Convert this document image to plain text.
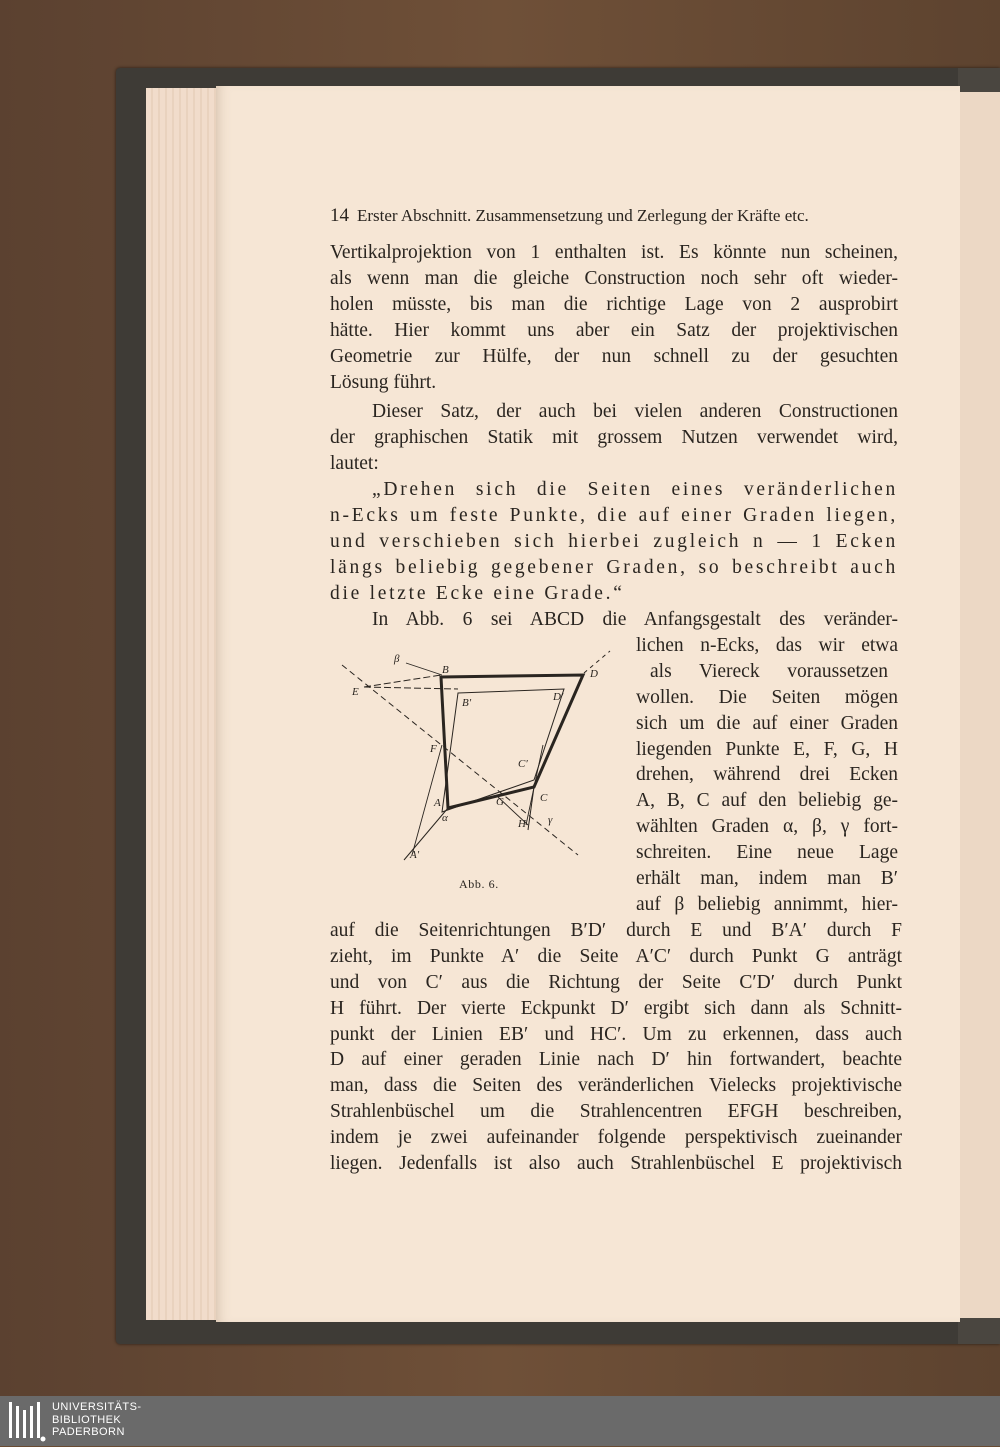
14 Erster Abschnitt. Zusammensetzung und Zerlegung der Kräfte etc.
Vertikalprojektion von 1 enthalten ist. Es könnte nun scheinen,
als wenn man die gleiche Construction noch sehr oft wieder-
holen müsste, bis man die richtige Lage von 2 ausprobirt
hätte. Hier kommt uns aber ein Satz der projektivischen
Geometrie zur Hülfe, der nun schnell zu der gesuchten
Lösung führt.
Dieser Satz, der auch bei vielen anderen Constructionen
der graphischen Statik mit grossem Nutzen verwendet wird,
lautet:
„Drehen sich die Seiten eines veränderlichen
n-Ecks um feste Punkte, die auf einer Graden liegen,
und verschieben sich hierbei zugleich n — 1 Ecken
längs beliebig gegebener Graden, so beschreibt auch
die letzte Ecke eine Grade.“
In Abb. 6 sei ABCD die Anfangsgestalt des veränder-
lichen n-Ecks, das wir etwa
als Viereck voraussetzen
wollen. Die Seiten mögen
sich um die auf einer Graden
liegenden Punkte E, F, G, H
drehen, während drei Ecken
A, B, C auf den beliebig ge-
wählten Graden α, β, γ fort-
schreiten. Eine neue Lage
erhält man, indem man B′
auf β beliebig annimmt, hier-
auf die Seitenrichtungen B′D′ durch E und B′A′ durch F
zieht, im Punkte A′ die Seite A′C′ durch Punkt G anträgt
und von C′ aus die Richtung der Seite C′D′ durch Punkt
H führt. Der vierte Eckpunkt D′ ergibt sich dann als Schnitt-
punkt der Linien EB′ und HC′. Um zu erkennen, dass auch
D auf einer geraden Linie nach D′ hin fortwandert, beachte
man, dass die Seiten des veränderlichen Vielecks projektivische
Strahlenbüschel um die Strahlencentren EFGH beschreiben,
indem je zwei aufeinander folgende perspektivisch zueinander
liegen. Jedenfalls ist also auch Strahlenbüschel E projektivisch
β
B	D
E
B′	D′
F
C′
A	G	C
α	H γ
A′
Abb. 6.
UNIVERSITÄTS-
BIBLIOTHEK
PADERBORN
